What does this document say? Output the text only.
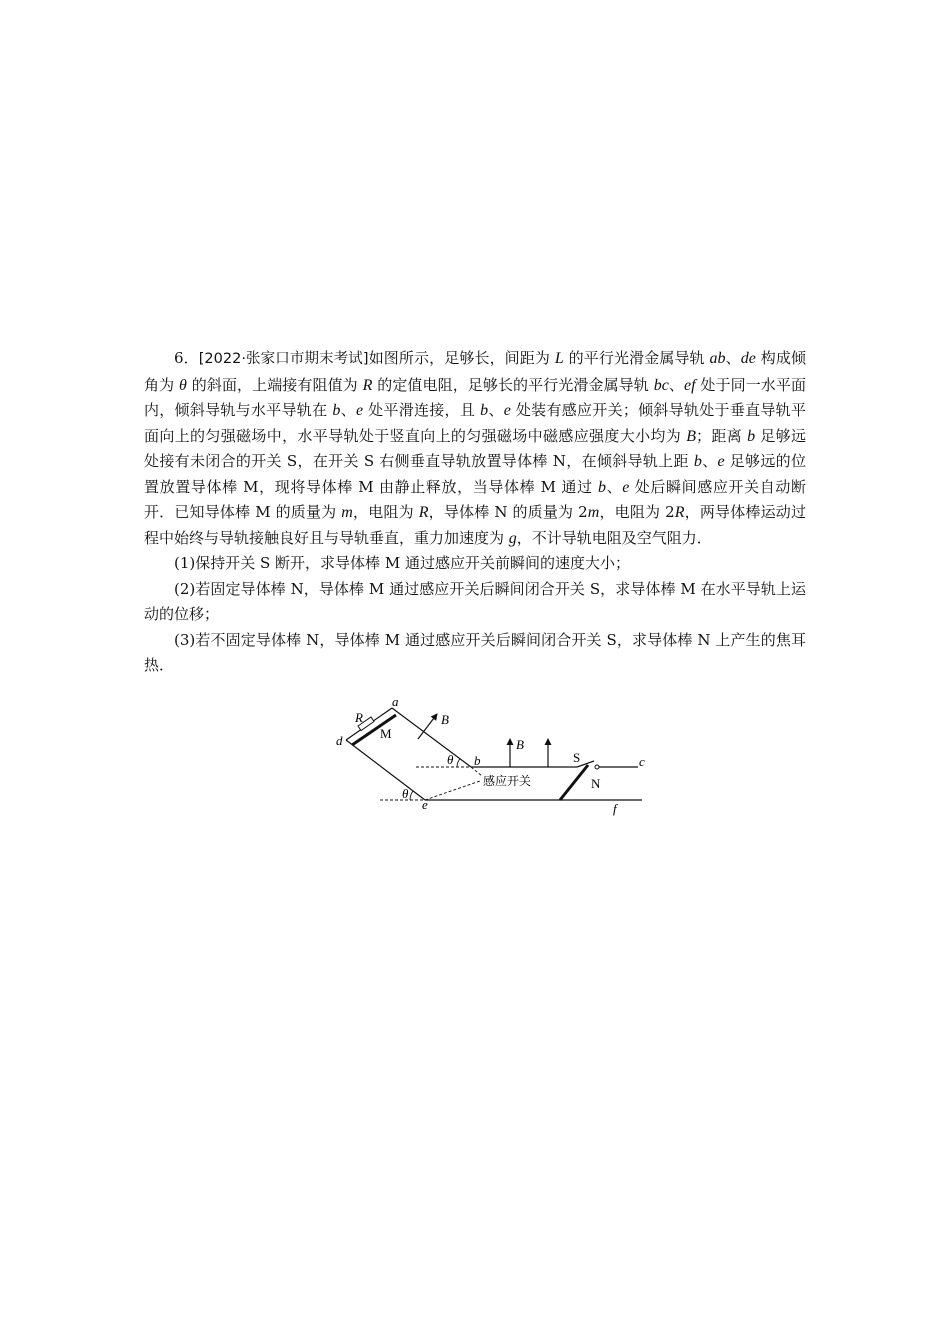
6．[2022·张家口市期末考试]如图所示，足够长，间距为 L 的平行光滑金属导轨 ab、de 构成倾角为 θ 的斜面，上端接有阻值为 R 的定值电阻，足够长的平行光滑金属导轨 bc、ef 处于同一水平面内，倾斜导轨与水平导轨在 b、e 处平滑连接，且 b、e 处装有感应开关；倾斜导轨处于垂直导轨平面向上的匀强磁场中，水平导轨处于竖直向上的匀强磁场中磁感应强度大小均为 B；距离 b 足够远处接有未闭合的开关 S，在开关 S 右侧垂直导轨放置导体棒 N，在倾斜导轨上距 b、e 足够远的位置放置导体棒 M，现将导体棒 M 由静止释放，当导体棒 M 通过 b、e 处后瞬间感应开关自动断开．已知导体棒 M 的质量为 m，电阻为 R，导体棒 N 的质量为 2m，电阻为 2R，两导体棒运动过程中始终与导轨接触良好且与导轨垂直，重力加速度为 g，不计导轨电阻及空气阻力．

(1)保持开关 S 断开，求导体棒 M 通过感应开关前瞬间的速度大小；

(2)若固定导体棒 N，导体棒 M 通过感应开关后瞬间闭合开关 S，求导体棒 M 在水平导轨上运动的位移；

(3)若不固定导体棒 N，导体棒 M 通过感应开关后瞬间闭合开关 S，求导体棒 N 上产生的焦耳热．

a
d
R
M
B
θ b
B
S	c
感应开关	N
θ
e	f
